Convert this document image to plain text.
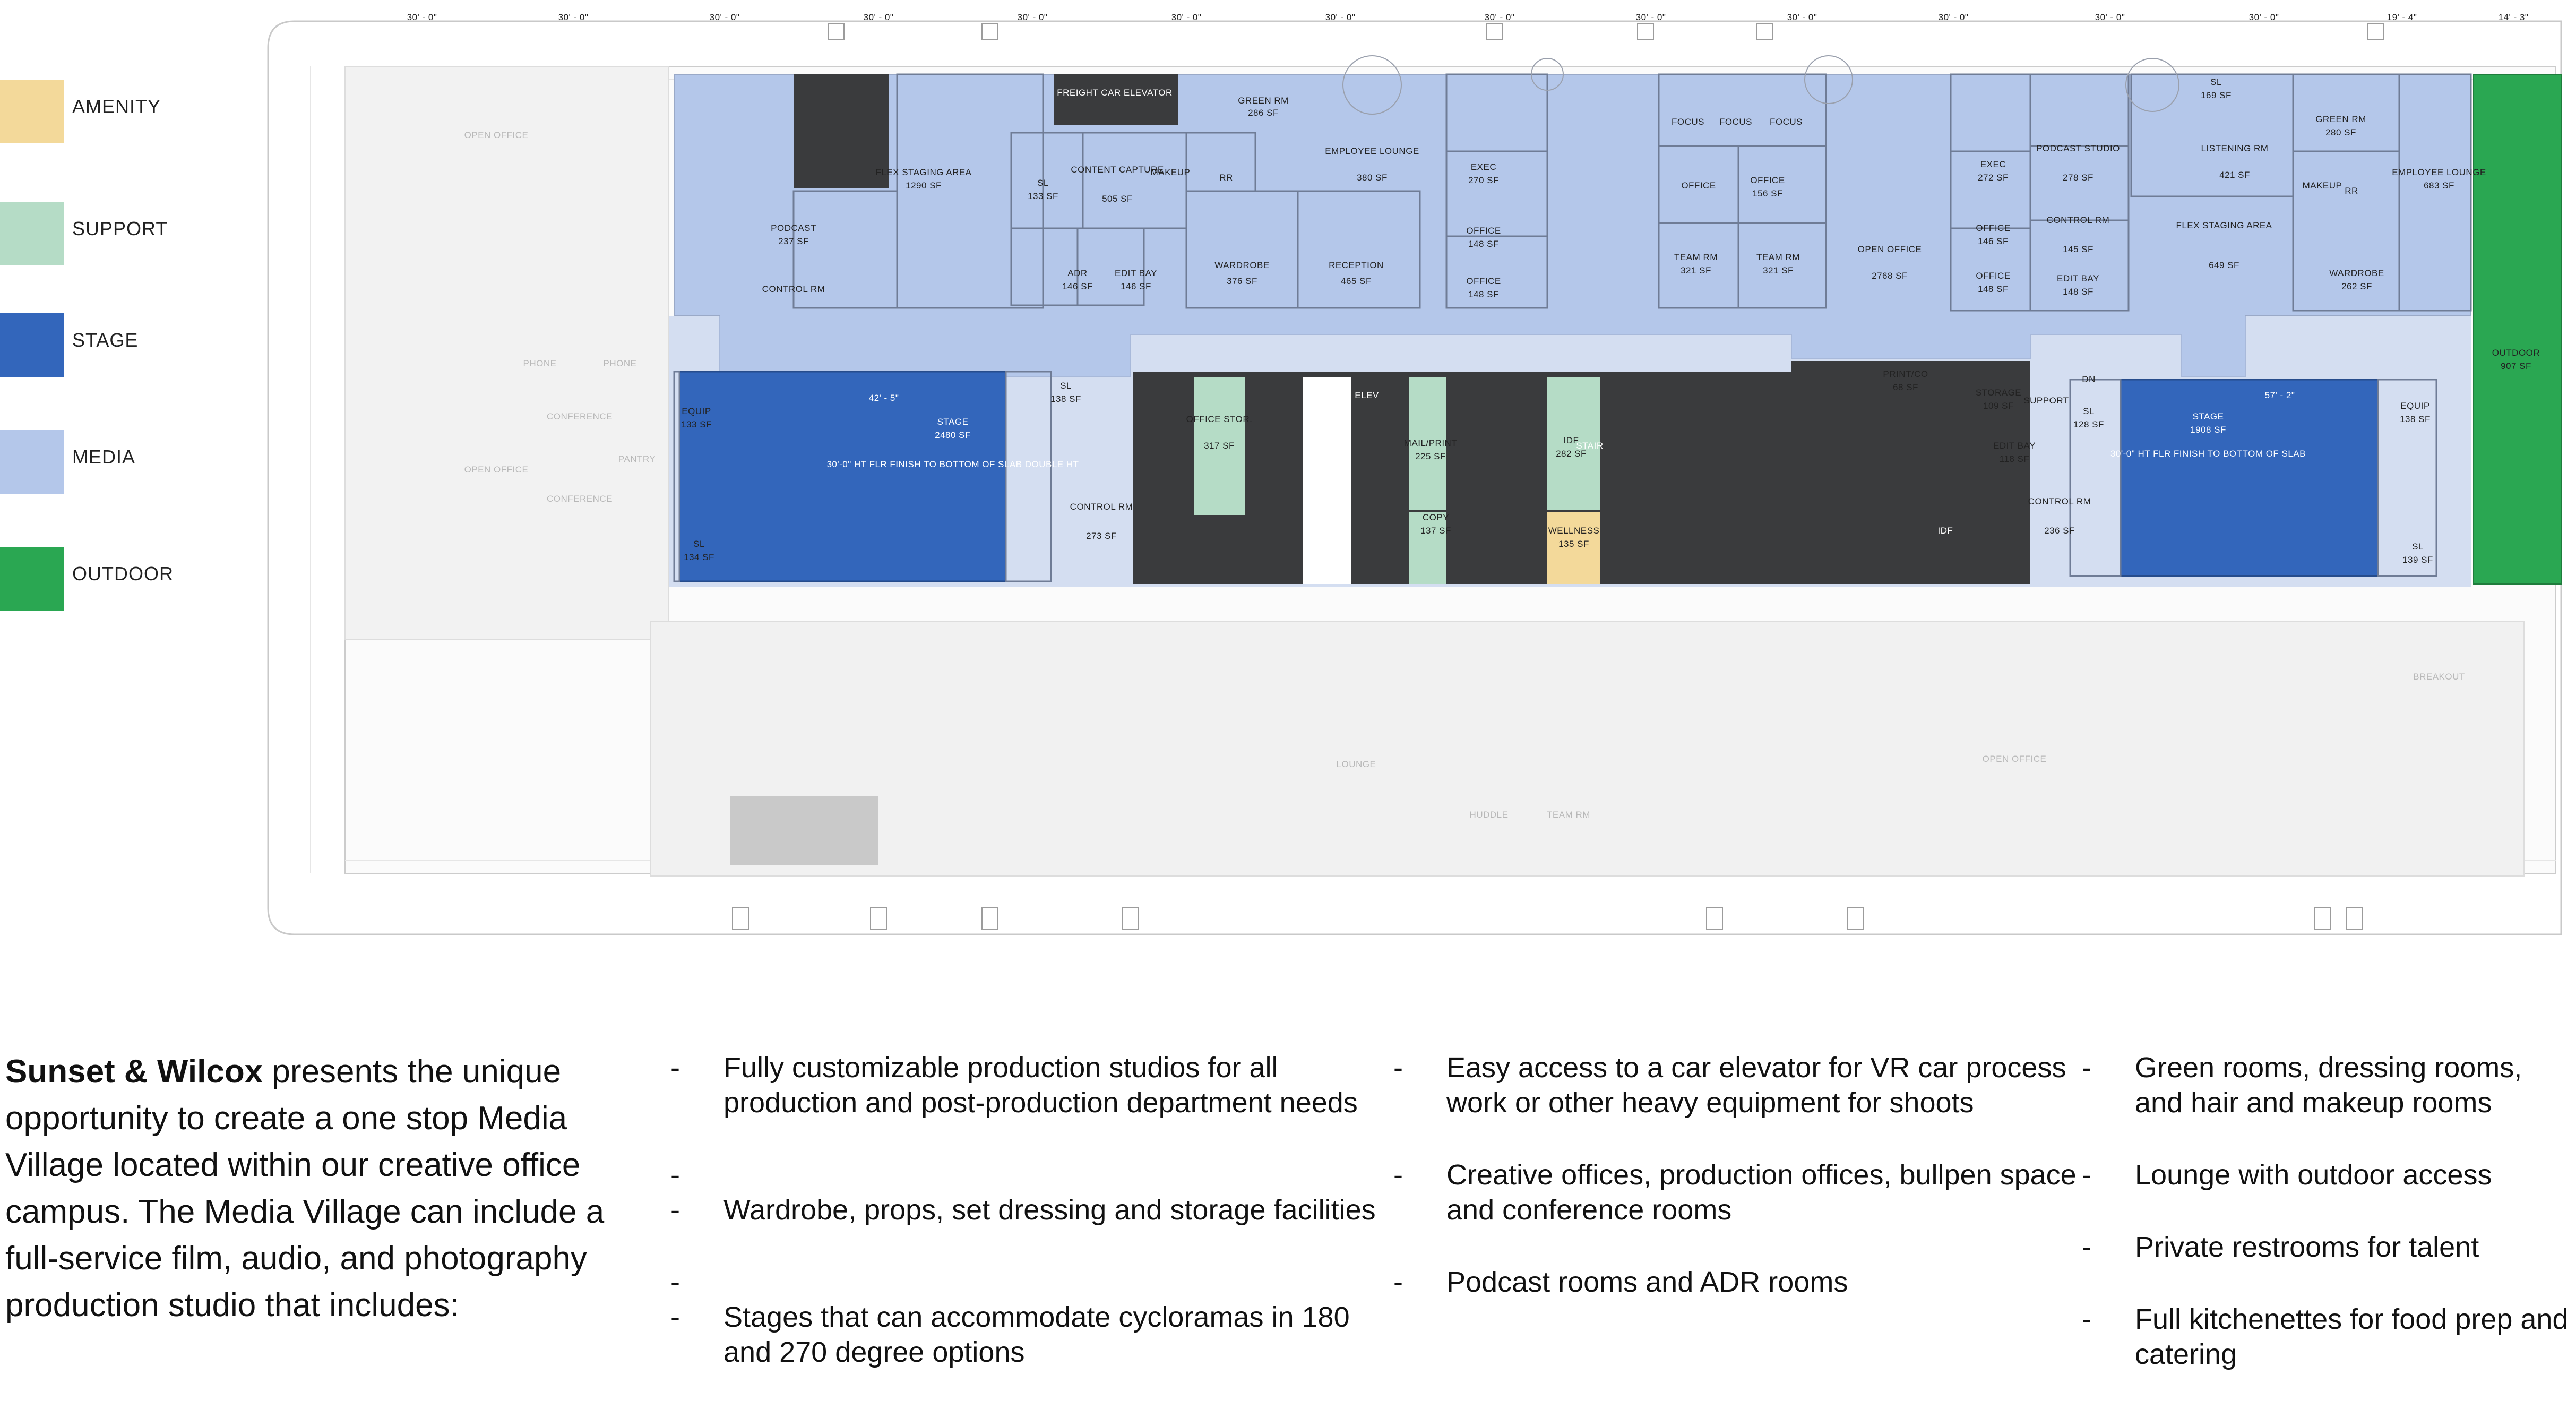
AMENITY
SUPPORT
STAGE
MEDIA
OUTDOOR
30' - 0"	30' - 0"	30' - 0"	30' - 0"	30' - 0"	30' - 0"	30' - 0"	30' - 0"	30' - 0"	30' - 0"	30' - 0"	30' - 0"	30' - 0"	19' - 4"	14' - 3"
FREIGHT CAR ELEVATOR
FLEX STAGING AREA
1290 SF
GREEN RM
286 SF
CONTENT CAPTURE
505 SF
MAKEUP
RR
EMPLOYEE LOUNGE
380 SF
WARDROBE
376 SF
RECEPTION
465 SF
PODCAST
237 SF
CONTROL RM
ADR
146 SF
EDIT BAY
146 SF
SL
133 SF
EXEC
270 SF
OFFICE
148 SF
OFFICE
148 SF
FOCUS FOCUS FOCUS
OFFICE
OFFICE
156 SF
TEAM RM
321 SF
TEAM RM
321 SF
OPEN OFFICE
2768 SF
EXEC
272 SF
PODCAST STUDIO
278 SF
CONTROL RM
145 SF
OFFICE
146 SF
OFFICE
148 SF
EDIT BAY
148 SF
SL
169 SF
LISTENING RM
421 SF
FLEX STAGING AREA
649 SF
GREEN RM
280 SF
MAKEUP
RR
EMPLOYEE LOUNGE
683 SF
WARDROBE
262 SF
OUTDOOR
907 SF
STAGE
2480 SF
42' - 5"
30'-0" HT FLR FINISH TO BOTTOM OF SLAB DOUBLE HT
STAGE
1908 SF
57' - 2"
30'-0" HT FLR FINISH TO BOTTOM OF SLAB
EQUIP
133 SF
EQUIP
138 SF
SL
138 SF
SL
134 SF
SL
128 SF
SL
139 SF
CONTROL RM
273 SF
CONTROL RM
236 SF
OFFICE STOR.
317 SF	MAIL/PRINT
225 SF
COPY
137 SF
IDF
282 SF
WELLNESS
135 SF
PRINT/CO
68 SF
STORAGE
109 SF
EDIT BAY
118 SF
SUPPORT
DN
ELEV
IDF
STAIR
PHONE	PHONE
CONFERENCE
CONFERENCE
PANTRY
OPEN OFFICE
OPEN OFFICE
OPEN OFFICE
LOUNGE
BREAKOUT
HUDDLE	TEAM RM
Sunset & Wilcox presents the unique opportunity to create a one stop Media Village located within our creative office campus. The Media Village can include a full-service film, audio, and photography production studio that includes:
- Fully customizable production studios for all production and post-production department needs
-
- Wardrobe, props, set dressing and storage facilities
-
- Stages that can accommodate cycloramas in 180 and 270 degree options
- Easy access to a car elevator for VR car process work or other heavy equipment for shoots
- Creative offices, production offices, bullpen space and conference rooms
- Podcast rooms and ADR rooms
- Green rooms, dressing rooms, and hair and makeup rooms
- Lounge with outdoor access
- Private restrooms for talent
- Full kitchenettes for food prep and catering
